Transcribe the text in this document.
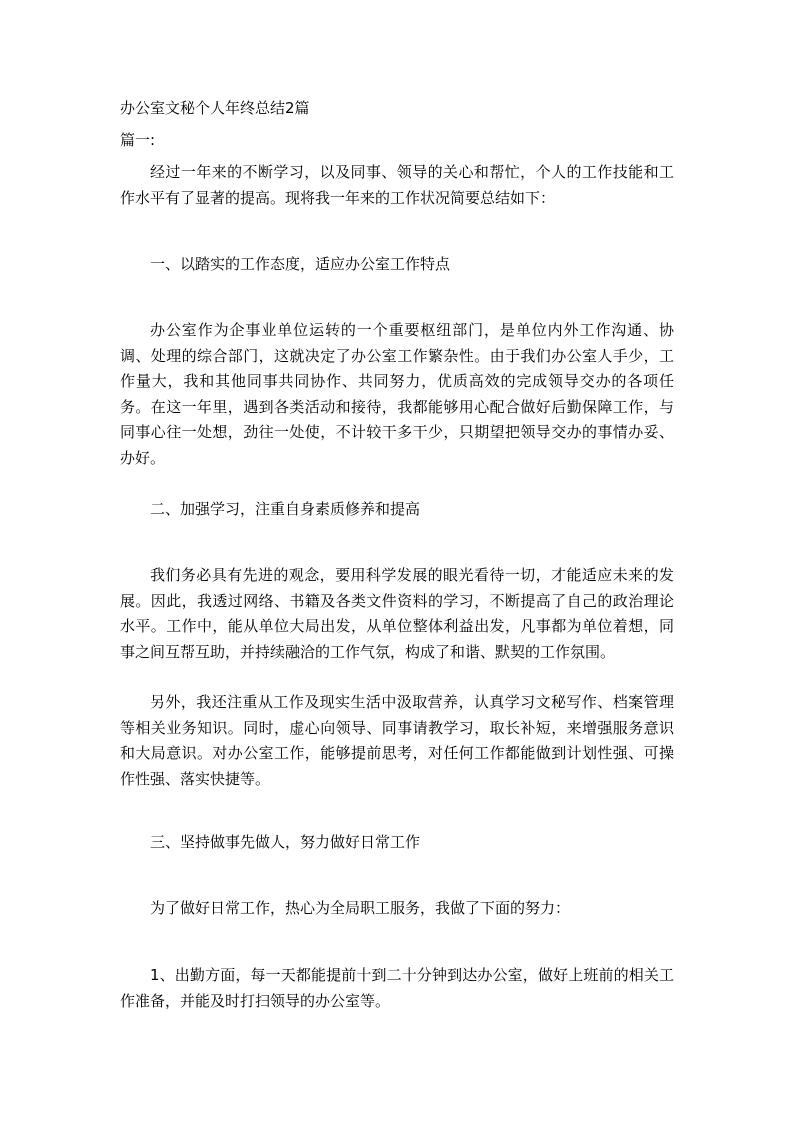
办公室文秘个人年终总结2篇

篇一:

经过一年来的不断学习，以及同事、领导的关心和帮忙，个人的工作技能和工作水平有了显著的提高。现将我一年来的工作状况简要总结如下：

一、以踏实的工作态度，适应办公室工作特点

办公室作为企事业单位运转的一个重要枢纽部门，是单位内外工作沟通、协调、处理的综合部门，这就决定了办公室工作繁杂性。由于我们办公室人手少，工作量大，我和其他同事共同协作、共同努力，优质高效的完成领导交办的各项任务。在这一年里，遇到各类活动和接待，我都能够用心配合做好后勤保障工作，与同事心往一处想，劲往一处使，不计较干多干少，只期望把领导交办的事情办妥、办好。

二、加强学习，注重自身素质修养和提高

我们务必具有先进的观念，要用科学发展的眼光看待一切，才能适应未来的发展。因此，我透过网络、书籍及各类文件资料的学习，不断提高了自己的政治理论水平。工作中，能从单位大局出发，从单位整体利益出发，凡事都为单位着想，同事之间互帮互助，并持续融洽的工作气氛，构成了和谐、默契的工作氛围。

另外，我还注重从工作及现实生活中汲取营养，认真学习文秘写作、档案管理等相关业务知识。同时，虚心向领导、同事请教学习，取长补短，来增强服务意识和大局意识。对办公室工作，能够提前思考，对任何工作都能做到计划性强、可操作性强、落实快捷等。

三、坚持做事先做人，努力做好日常工作

为了做好日常工作，热心为全局职工服务，我做了下面的努力：

1、出勤方面，每一天都能提前十到二十分钟到达办公室，做好上班前的相关工作准备，并能及时打扫领导的办公室等。
